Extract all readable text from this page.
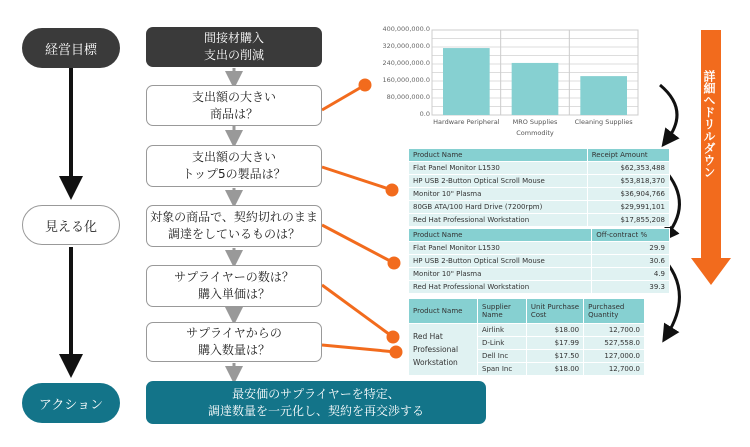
詳細へドリルダウン
経営目標
見える化
アクション
間接材購入
支出の削減
支出額の大きい
商品は？
支出額の大きい
トップ5の製品は？
対象の商品で、契約切れのまま
調達をしているものは？
サプライヤーの数は？
購入単価は？
サプライヤからの
購入数量は？
最安価のサプライヤーを特定、
調達数量を一元化し、契約を再交渉する
400,000,000.0
320,000,000.0
240,000,000.0
160,000,000.0
80,000,000.0
0.0
Hardware Peripheral	MRO Supplies	Cleaning Supplies
Commodity
Product Name	Receipt Amount
Flat Panel Monitor L1530	$62,353,488
HP USB 2-Button Optical Scroll Mouse	$53,818,370
Monitor 10" Plasma	$36,904,766
80GB ATA/100 Hard Drive (7200rpm)	$29,991,101
Red Hat Professional Workstation	$17,855,208
Product Name	Off-contract %
Flat Panel Monitor L1530	29.9
HP USB 2-Button Optical Scroll Mouse	30.6
Monitor 10" Plasma	4.9
Red Hat Professional Workstation	39.3
Product Name	Supplier Name	Unit Purchase Cost	Purchased Quantity
Red Hat Professional Workstation	Airlink	$18.00	12,700.0
	D-Link	$17.99	527,558.0
	Dell Inc	$17.50	127,000.0
	Span Inc	$18.00	12,700.0
